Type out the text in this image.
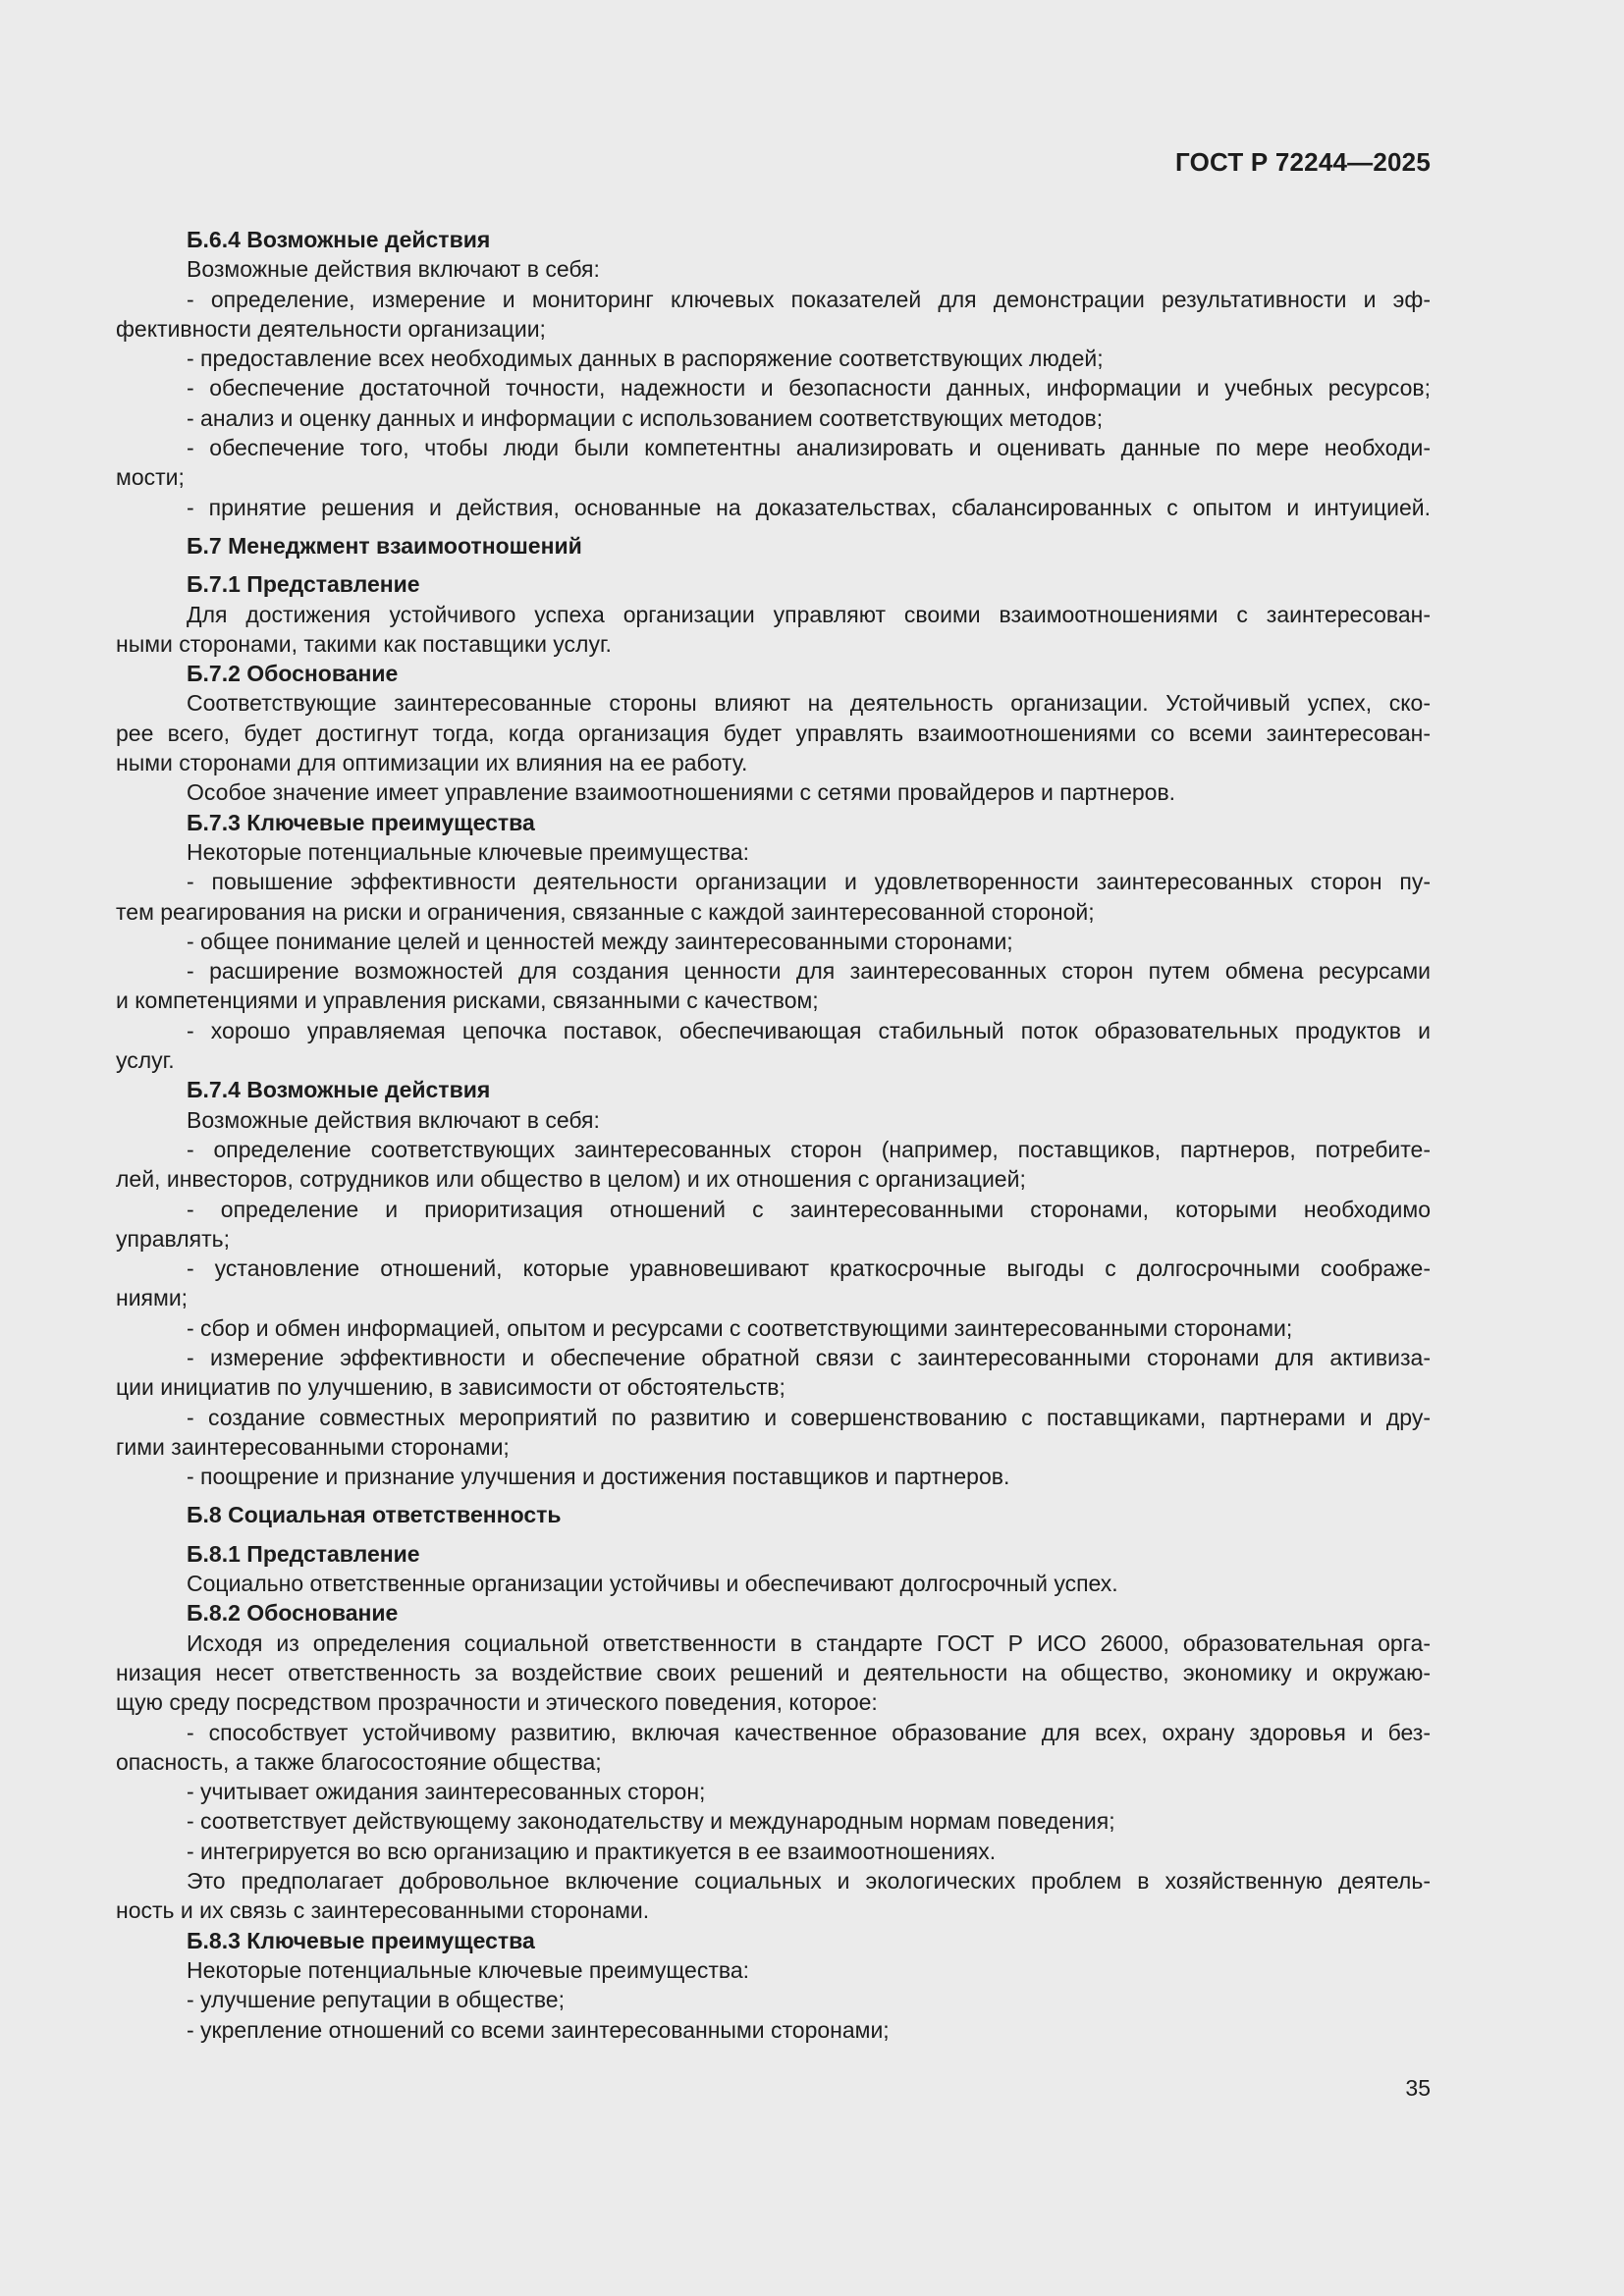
ГОСТ Р 72244—2025
Б.6.4 Возможные действия
Возможные действия включают в себя:
- определение, измерение и мониторинг ключевых показателей для демонстрации результативности и эф-
фективности деятельности организации;
- предоставление всех необходимых данных в распоряжение соответствующих людей;
- обеспечение достаточной точности, надежности и безопасности данных, информации и учебных ресурсов;
- анализ и оценку данных и информации с использованием соответствующих методов;
- обеспечение того, чтобы люди были компетентны анализировать и оценивать данные по мере необходи-
мости;
- принятие решения и действия, основанные на доказательствах, сбалансированных с опытом и интуицией.
Б.7 Менеджмент взаимоотношений
Б.7.1 Представление
Для достижения устойчивого успеха организации управляют своими взаимоотношениями с заинтересован-
ными сторонами, такими как поставщики услуг.
Б.7.2 Обоснование
Соответствующие заинтересованные стороны влияют на деятельность организации. Устойчивый успех, ско-
рее всего, будет достигнут тогда, когда организация будет управлять взаимоотношениями со всеми заинтересован-
ными сторонами для оптимизации их влияния на ее работу.
Особое значение имеет управление взаимоотношениями с сетями провайдеров и партнеров.
Б.7.3 Ключевые преимущества
Некоторые потенциальные ключевые преимущества:
- повышение эффективности деятельности организации и удовлетворенности заинтересованных сторон пу-
тем реагирования на риски и ограничения, связанные с каждой заинтересованной стороной;
- общее понимание целей и ценностей между заинтересованными сторонами;
- расширение возможностей для создания ценности для заинтересованных сторон путем обмена ресурсами
и компетенциями и управления рисками, связанными с качеством;
- хорошо управляемая цепочка поставок, обеспечивающая стабильный поток образовательных продуктов и
услуг.
Б.7.4 Возможные действия
Возможные действия включают в себя:
- определение соответствующих заинтересованных сторон (например, поставщиков, партнеров, потребите-
лей, инвесторов, сотрудников или общество в целом) и их отношения с организацией;
- определение и приоритизация отношений с заинтересованными сторонами, которыми необходимо
управлять;
- установление отношений, которые уравновешивают краткосрочные выгоды с долгосрочными соображе-
ниями;
- сбор и обмен информацией, опытом и ресурсами с соответствующими заинтересованными сторонами;
- измерение эффективности и обеспечение обратной связи с заинтересованными сторонами для активиза-
ции инициатив по улучшению, в зависимости от обстоятельств;
- создание совместных мероприятий по развитию и совершенствованию с поставщиками, партнерами и дру-
гими заинтересованными сторонами;
- поощрение и признание улучшения и достижения поставщиков и партнеров.
Б.8 Социальная ответственность
Б.8.1 Представление
Социально ответственные организации устойчивы и обеспечивают долгосрочный успех.
Б.8.2 Обоснование
Исходя из определения социальной ответственности в стандарте ГОСТ Р ИСО 26000, образовательная орга-
низация несет ответственность за воздействие своих решений и деятельности на общество, экономику и окружаю-
щую среду посредством прозрачности и этического поведения, которое:
- способствует устойчивому развитию, включая качественное образование для всех, охрану здоровья и без-
опасность, а также благосостояние общества;
- учитывает ожидания заинтересованных сторон;
- соответствует действующему законодательству и международным нормам поведения;
- интегрируется во всю организацию и практикуется в ее взаимоотношениях.
Это предполагает добровольное включение социальных и экологических проблем в хозяйственную деятель-
ность и их связь с заинтересованными сторонами.
Б.8.3 Ключевые преимущества
Некоторые потенциальные ключевые преимущества:
- улучшение репутации в обществе;
- укрепление отношений со всеми заинтересованными сторонами;
35
